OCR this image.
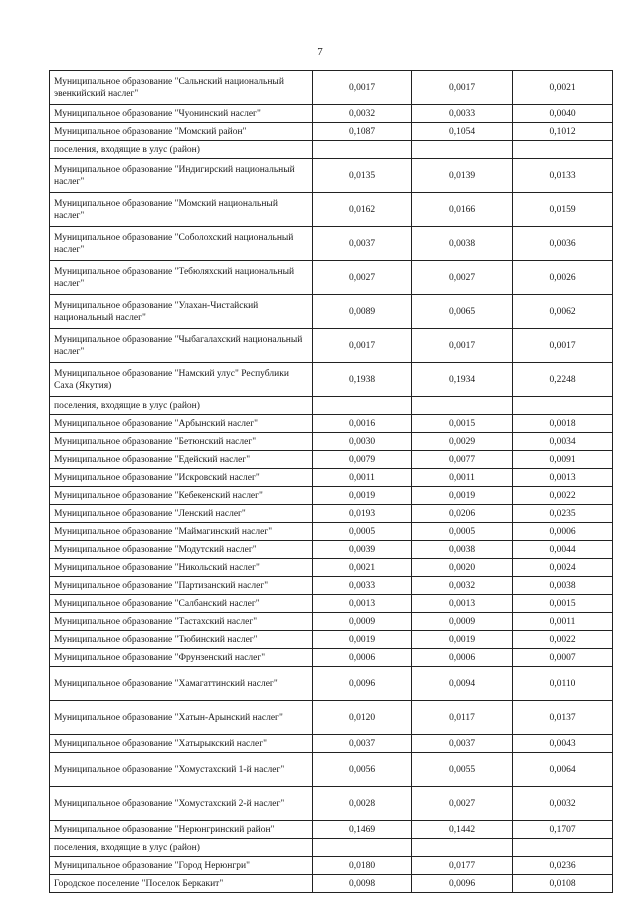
7
Муниципальное образование "Сальнский национальный эвенкийский наслег"	0,0017	0,0017	0,0021
Муниципальное образование "Чуонинский наслег"	0,0032	0,0033	0,0040
Муниципальное образование "Момский район"	0,1087	0,1054	0,1012
поселения, входящие в улус (район)			
Муниципальное образование "Индигирский национальный наслег"	0,0135	0,0139	0,0133
Муниципальное образование "Момский национальный наслег"	0,0162	0,0166	0,0159
Муниципальное образование "Соболохский национальный наслег"	0,0037	0,0038	0,0036
Муниципальное образование "Тебюляхский национальный наслег"	0,0027	0,0027	0,0026
Муниципальное образование "Улахан-Чистайский национальный наслег"	0,0089	0,0065	0,0062
Муниципальное образование "Чыбагалахский национальный наслег"	0,0017	0,0017	0,0017
Муниципальное образование "Намский улус" Республики Саха (Якутия)	0,1938	0,1934	0,2248
поселения, входящие в улус (район)			
Муниципальное образование "Арбынский наслег"	0,0016	0,0015	0,0018
Муниципальное образование "Бетюнский наслег"	0,0030	0,0029	0,0034
Муниципальное образование "Едейский наслег"	0,0079	0,0077	0,0091
Муниципальное образование "Искровский наслег"	0,0011	0,0011	0,0013
Муниципальное образование "Кебекенский наслег"	0,0019	0,0019	0,0022
Муниципальное образование "Ленский наслег"	0,0193	0,0206	0,0235
Муниципальное образование "Маймагинский наслег"	0,0005	0,0005	0,0006
Муниципальное образование "Модутский наслег"	0,0039	0,0038	0,0044
Муниципальное образование "Никольский наслег"	0,0021	0,0020	0,0024
Муниципальное образование "Партизанский наслег"	0,0033	0,0032	0,0038
Муниципальное образование "Салбанский наслег"	0,0013	0,0013	0,0015
Муниципальное образование "Тастахский наслег"	0,0009	0,0009	0,0011
Муниципальное образование "Тюбинский наслег"	0,0019	0,0019	0,0022
Муниципальное образование "Фрунзенский наслег"	0,0006	0,0006	0,0007
Муниципальное образование "Хамагаттинский наслег"	0,0096	0,0094	0,0110
Муниципальное образование "Хатын-Арынский наслег"	0,0120	0,0117	0,0137
Муниципальное образование "Хатырыкский наслег"	0,0037	0,0037	0,0043
Муниципальное образование "Хомустахский 1-й наслег"	0,0056	0,0055	0,0064
Муниципальное образование "Хомустахский 2-й наслег"	0,0028	0,0027	0,0032
Муниципальное образование "Нерюнгринский район"	0,1469	0,1442	0,1707
поселения, входящие в улус (район)			
Муниципальное образование "Город Нерюнгри"	0,0180	0,0177	0,0236
Городское поселение "Поселок Беркакит"	0,0098	0,0096	0,0108
